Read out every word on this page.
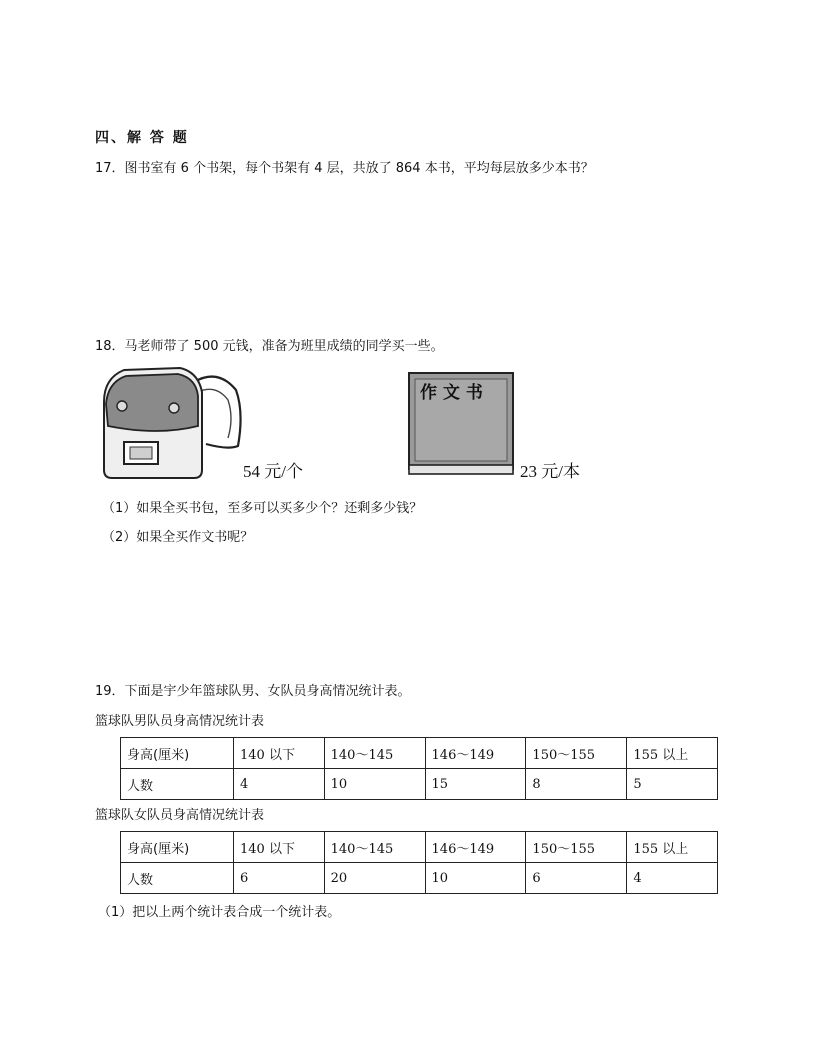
四、解 答 题
17．图书室有 6 个书架，每个书架有 4 层，共放了 864 本书，平均每层放多少本书？
18．马老师带了 500 元钱，准备为班里成绩的同学买一些。
54 元/个
作 文 书
23 元/本
（1）如果全买书包，至多可以买多少个？还剩多少钱？
（2）如果全买作文书呢？
19．下面是宇少年篮球队男、女队员身高情况统计表。
篮球队男队员身高情况统计表
身高(厘米)	140 以下	140～145	146～149	150～155	155 以上
人数	4	10	15	8	5
篮球队女队员身高情况统计表
身高(厘米)	140 以下	140～145	146～149	150～155	155 以上
人数	6	20	10	6	4
（1）把以上两个统计表合成一个统计表。
